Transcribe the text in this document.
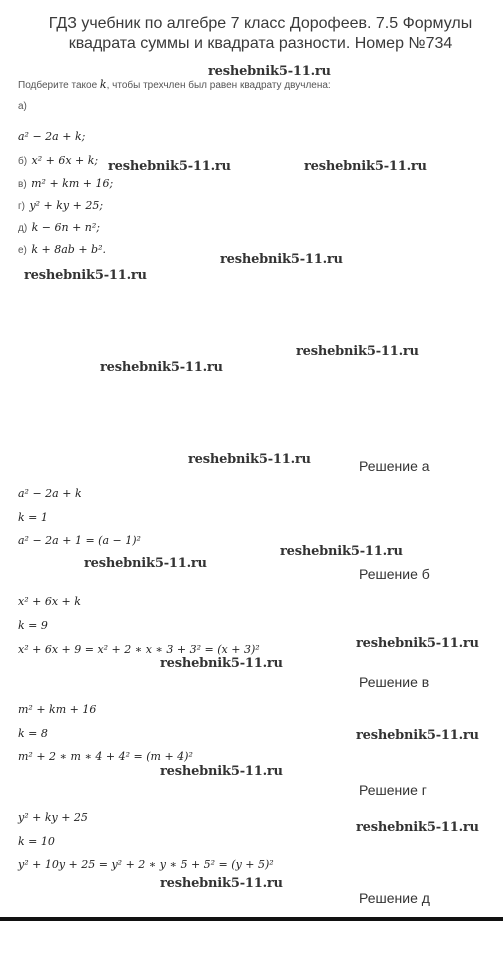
ГДЗ учебник по алгебре 7 класс Дорофеев. 7.5 Формулы
квадрата суммы и квадрата разности. Номер №734
Подберите такое k, чтобы трехчлен был равен квадрату двучлена:
а)
a² − 2a + k;
б) x² + 6x + k;
в) m² + km + 16;
г) y² + ky + 25;
д) k − 6n + n²;
е) k + 8ab + b².
Решение а
a² − 2a + k
k = 1
a² − 2a + 1 = (a − 1)²
Решение б
x² + 6x + k
k = 9
x² + 6x + 9 = x² + 2 ∗ x ∗ 3 + 3² = (x + 3)²
Решение в
m² + km + 16
k = 8
m² + 2 ∗ m ∗ 4 + 4² = (m + 4)²
Решение г
y² + ky + 25
k = 10
y² + 10y + 25 = y² + 2 ∗ y ∗ 5 + 5² = (y + 5)²
Решение д
reshebnik5-11.ru
reshebnik5-11.ru	reshebnik5-11.ru
reshebnik5-11.ru
reshebnik5-11.ru
reshebnik5-11.ru
reshebnik5-11.ru
reshebnik5-11.ru
reshebnik5-11.ru
reshebnik5-11.ru
reshebnik5-11.ru
reshebnik5-11.ru
reshebnik5-11.ru
reshebnik5-11.ru
reshebnik5-11.ru
reshebnik5-11.ru
